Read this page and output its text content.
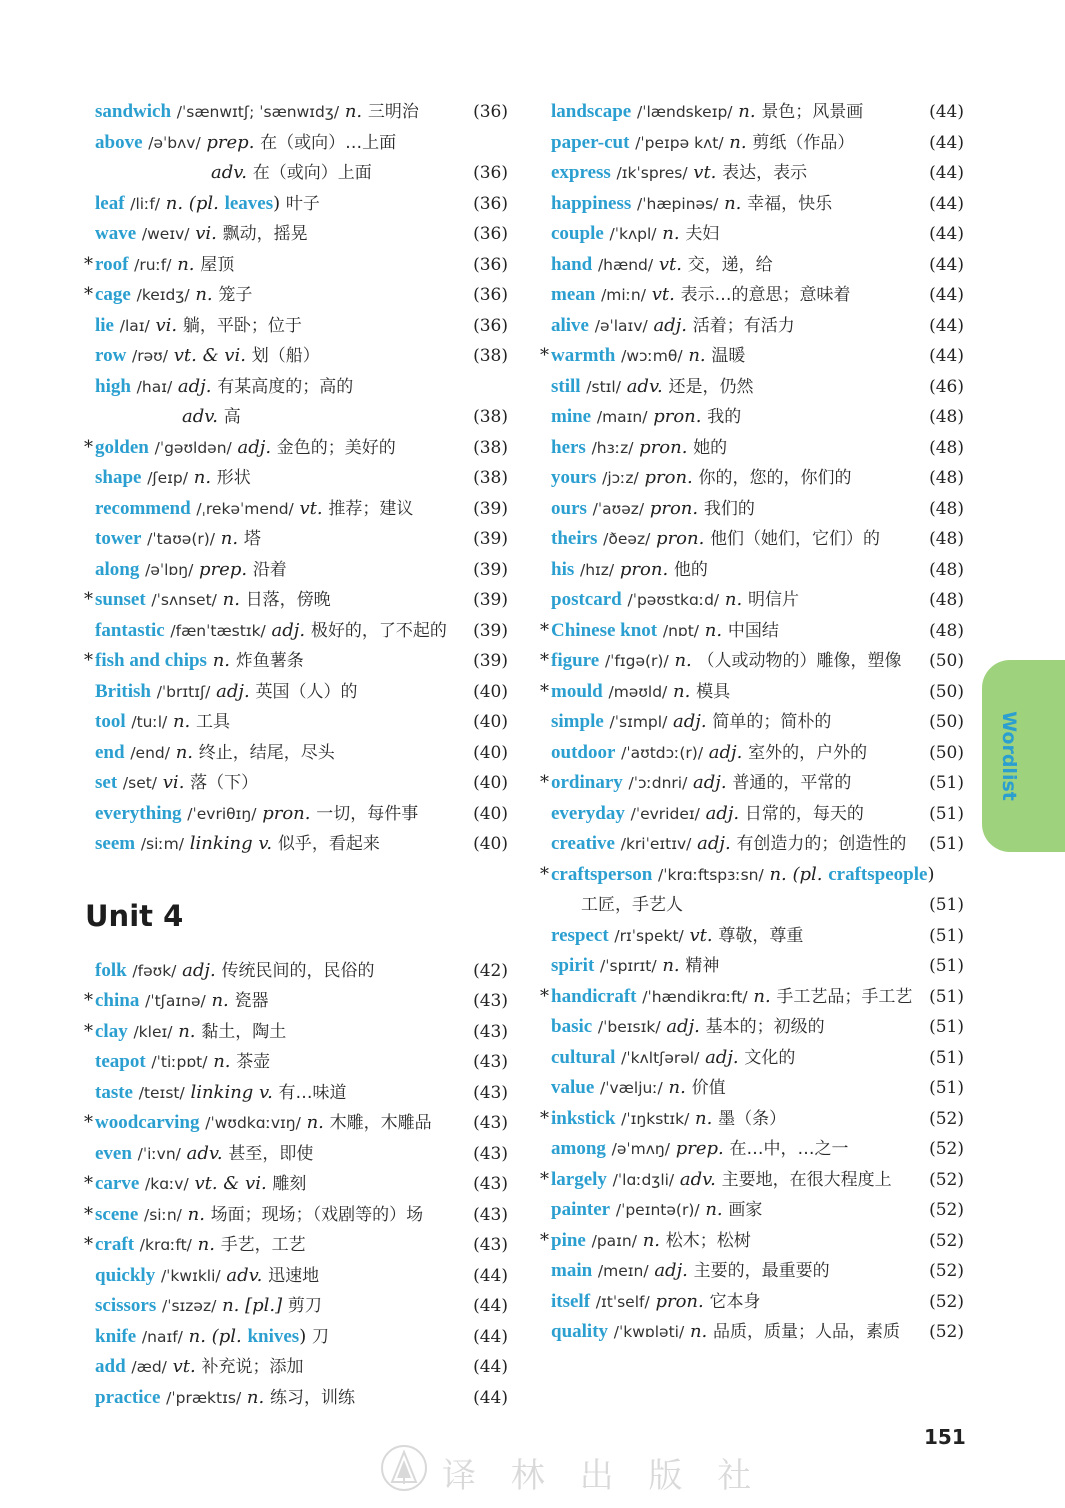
sandwich /ˈsænwɪtʃ; ˈsænwɪdʒ/ n. 三明治	(36)
above /əˈbʌv/ prep. 在（或向）…上面
adv. 在（或向）上面	(36)
leaf /liːf/ n. (pl. leaves) 叶子	(36)
wave /weɪv/ vi. 飘动，摇晃	(36)
* roof /ruːf/ n. 屋顶	(36)
* cage /keɪdʒ/ n. 笼子	(36)
lie /laɪ/ vi. 躺，平卧；位于	(36)
row /rəʊ/ vt. & vi. 划（船）	(38)
high /haɪ/ adj. 有某高度的；高的
adv. 高	(38)
* golden /ˈgəʊldən/ adj. 金色的；美好的	(38)
shape /ʃeɪp/ n. 形状	(38)
recommend /ˌrekəˈmend/ vt. 推荐；建议	(39)
tower /ˈtaʊə(r)/ n. 塔	(39)
along /əˈlɒŋ/ prep. 沿着	(39)
* sunset /ˈsʌnset/ n. 日落，傍晚	(39)
fantastic /fænˈtæstɪk/ adj. 极好的，了不起的 (39)
* fish and chips n. 炸鱼薯条	(39)
British /ˈbrɪtɪʃ/ adj. 英国（人）的	(40)
tool /tuːl/ n. 工具	(40)
end /end/ n. 终止，结尾，尽头	(40)
set /set/ vi. 落（下）	(40)
everything /ˈevriθɪŋ/ pron. 一切，每件事	(40)
seem /siːm/ linking v. 似乎，看起来	(40)
Unit 4
folk /fəʊk/ adj. 传统民间的，民俗的	(42)
* china /ˈtʃaɪnə/ n. 瓷器	(43)
* clay /kleɪ/ n. 黏土，陶土	(43)
teapot /ˈtiːpɒt/ n. 茶壶	(43)
taste /teɪst/ linking v. 有…味道	(43)
* woodcarving /ˈwʊdkɑːvɪŋ/ n. 木雕，木雕品 (43)
even /ˈiːvn/ adv. 甚至，即使	(43)
* carve /kɑːv/ vt. & vi. 雕刻	(43)
* scene /siːn/ n. 场面；现场；（戏剧等的）场	(43)
* craft /krɑːft/ n. 手艺，工艺	(43)
quickly /ˈkwɪkli/ adv. 迅速地	(44)
scissors /ˈsɪzəz/ n. [pl.] 剪刀	(44)
knife /naɪf/ n. (pl. knives) 刀	(44)
add /æd/ vt. 补充说；添加	(44)
practice /ˈpræktɪs/ n. 练习，训练	(44)
landscape /ˈlændskeɪp/ n. 景色；风景画	(44)
paper-cut /ˈpeɪpə kʌt/ n. 剪纸（作品）	(44)
express /ɪkˈspres/ vt. 表达，表示	(44)
happiness /ˈhæpinəs/ n. 幸福，快乐	(44)
couple /ˈkʌpl/ n. 夫妇	(44)
hand /hænd/ vt. 交，递，给	(44)
mean /miːn/ vt. 表示…的意思；意味着	(44)
alive /əˈlaɪv/ adj. 活着；有活力	(44)
* warmth /wɔːmθ/ n. 温暖	(44)
still /stɪl/ adv. 还是，仍然	(46)
mine /maɪn/ pron. 我的	(48)
hers /hɜːz/ pron. 她的	(48)
yours /jɔːz/ pron. 你的，您的，你们的	(48)
ours /ˈaʊəz/ pron. 我们的	(48)
theirs /ðeəz/ pron. 他们（她们，它们）的	(48)
his /hɪz/ pron. 他的	(48)
postcard /ˈpəʊstkɑːd/ n. 明信片	(48)
* Chinese knot /nɒt/ n. 中国结	(48)
* figure /ˈfɪgə(r)/ n. （人或动物的）雕像，塑像 (50)
* mould /məʊld/ n. 模具	(50)
simple /ˈsɪmpl/ adj. 简单的；简朴的	(50)
outdoor /ˈaʊtdɔː(r)/ adj. 室外的，户外的	(50)
* ordinary /ˈɔːdnri/ adj. 普通的，平常的	(51)
everyday /ˈevrideɪ/ adj. 日常的，每天的	(51)
creative /kriˈeɪtɪv/ adj. 有创造力的；创造性的 (51)
* craftsperson /ˈkrɑːftspɜːsn/ n. (pl. craftspeople)
工匠，手艺人	(51)
respect /rɪˈspekt/ vt. 尊敬，尊重	(51)
spirit /ˈspɪrɪt/ n. 精神	(51)
* handicraft /ˈhændikrɑːft/ n. 手工艺品；手工艺 (51)
basic /ˈbeɪsɪk/ adj. 基本的；初级的	(51)
cultural /ˈkʌltʃərəl/ adj. 文化的	(51)
value /ˈvæljuː/ n. 价值	(51)
* inkstick /ˈɪŋkstɪk/ n. 墨（条）	(52)
among /əˈmʌŋ/ prep. 在…中，…之一	(52)
* largely /ˈlɑːdʒli/ adv. 主要地，在很大程度上 (52)
painter /ˈpeɪntə(r)/ n. 画家	(52)
* pine /paɪn/ n. 松木；松树	(52)
main /meɪn/ adj. 主要的，最重要的	(52)
itself /ɪtˈself/ pron. 它本身	(52)
quality /ˈkwɒləti/ n. 品质，质量；人品，素质 (52)
Wordlist
151
译 林 出 版 社
